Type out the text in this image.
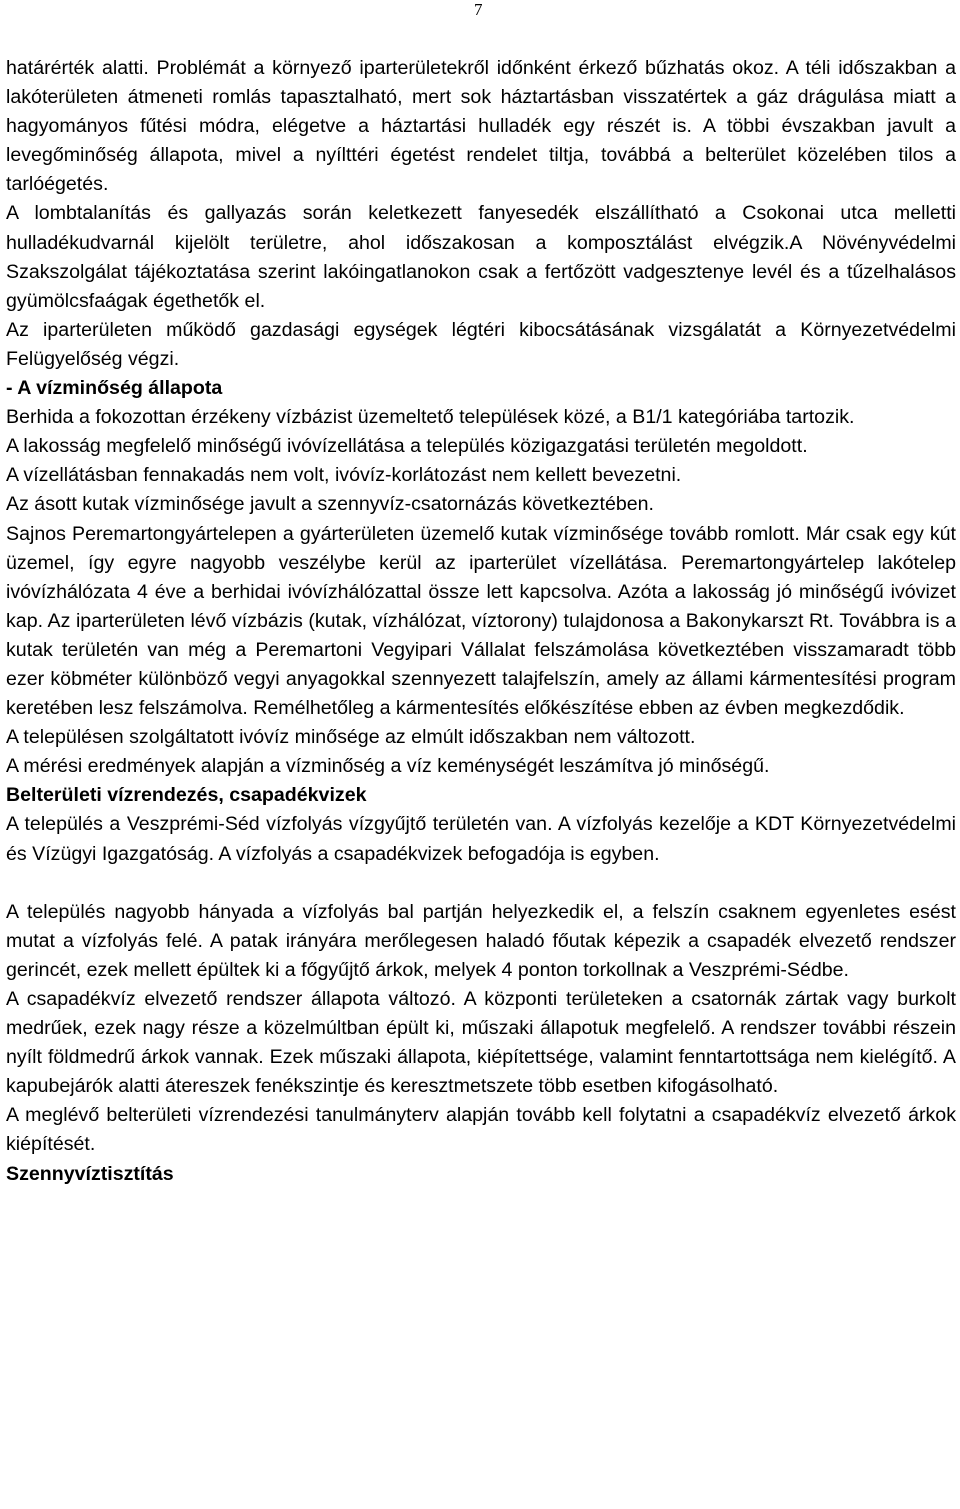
7

határérték alatti. Problémát a környező iparterületekről időnként érkező bűzhatás okoz. A téli időszakban a lakóterületen átmeneti romlás tapasztalható, mert sok háztartásban visszatértek a gáz drágulása miatt a hagyományos fűtési módra, elégetve a háztartási hulladék egy részét is. A többi évszakban javult a levegőminőség állapota, mivel a nyílttéri égetést rendelet tiltja, továbbá a belterület közelében tilos a tarlóégetés.

A lombtalanítás és gallyazás során keletkezett fanyesedék elszállítható a Csokonai utca melletti hulladékudvarnál kijelölt területre, ahol időszakosan a komposztálást elvégzik.A Növényvédelmi Szakszolgálat tájékoztatása szerint lakóingatlanokon csak a fertőzött vadgesztenye levél és a tűzelhalásos gyümölcsfaágak égethetők el.

Az iparterületen működő gazdasági egységek légtéri kibocsátásának vizsgálatát a Környezetvédelmi Felügyelőség végzi.

- A vízminőség állapota

Berhida a fokozottan érzékeny vízbázist üzemeltető települések közé, a B1/1 kategóriába tartozik.

A lakosság megfelelő minőségű ivóvízellátása a település közigazgatási területén megoldott.

A vízellátásban fennakadás nem volt, ivóvíz-korlátozást nem kellett bevezetni.

Az ásott kutak vízminősége javult a szennyvíz-csatornázás következtében.

Sajnos Peremartongyártelepen a gyárterületen üzemelő kutak vízminősége tovább romlott. Már csak egy kút üzemel, így egyre nagyobb veszélybe kerül az iparterület vízellátása. Peremartongyártelep lakótelep ivóvízhálózata 4 éve a berhidai ivóvízhálózattal össze lett kapcsolva. Azóta a lakosság jó minőségű ivóvizet kap. Az iparterületen lévő vízbázis (kutak, vízhálózat, víztorony) tulajdonosa a Bakonykarszt Rt. Továbbra is a kutak területén van még a Peremartoni Vegyipari Vállalat felszámolása következtében visszamaradt több ezer köbméter különböző vegyi anyagokkal szennyezett talajfelszín, amely az állami kármentesítési program keretében lesz felszámolva. Remélhetőleg a kármentesítés előkészítése ebben az évben megkezdődik.

A településen szolgáltatott ivóvíz minősége az elmúlt időszakban nem változott.

A mérési eredmények alapján a vízminőség a víz keménységét leszámítva jó minőségű.

Belterületi vízrendezés, csapadékvizek

A település a Veszprémi-Séd vízfolyás vízgyűjtő területén van. A vízfolyás kezelője a KDT Környezetvédelmi és Vízügyi Igazgatóság. A vízfolyás a csapadékvizek befogadója is egyben.

A település nagyobb hányada a vízfolyás bal partján helyezkedik el, a felszín csaknem egyenletes esést mutat a vízfolyás felé. A patak irányára merőlegesen haladó főutak képezik a csapadék elvezető rendszer gerincét, ezek mellett épültek ki a főgyűjtő árkok, melyek 4 ponton torkollnak a Veszprémi-Sédbe.

A csapadékvíz elvezető rendszer állapota változó. A központi területeken a csatornák zártak vagy burkolt medrűek, ezek nagy része a közelmúltban épült ki, műszaki állapotuk megfelelő. A rendszer további részein nyílt földmedrű árkok vannak. Ezek műszaki állapota, kiépítettsége, valamint fenntartottsága nem kielégítő. A kapubejárók alatti átereszek fenékszintje és keresztmetszete több esetben kifogásolható.

A meglévő belterületi vízrendezési tanulmányterv alapján tovább kell folytatni a csapadékvíz elvezető árkok kiépítését.

Szennyvíztisztítás
